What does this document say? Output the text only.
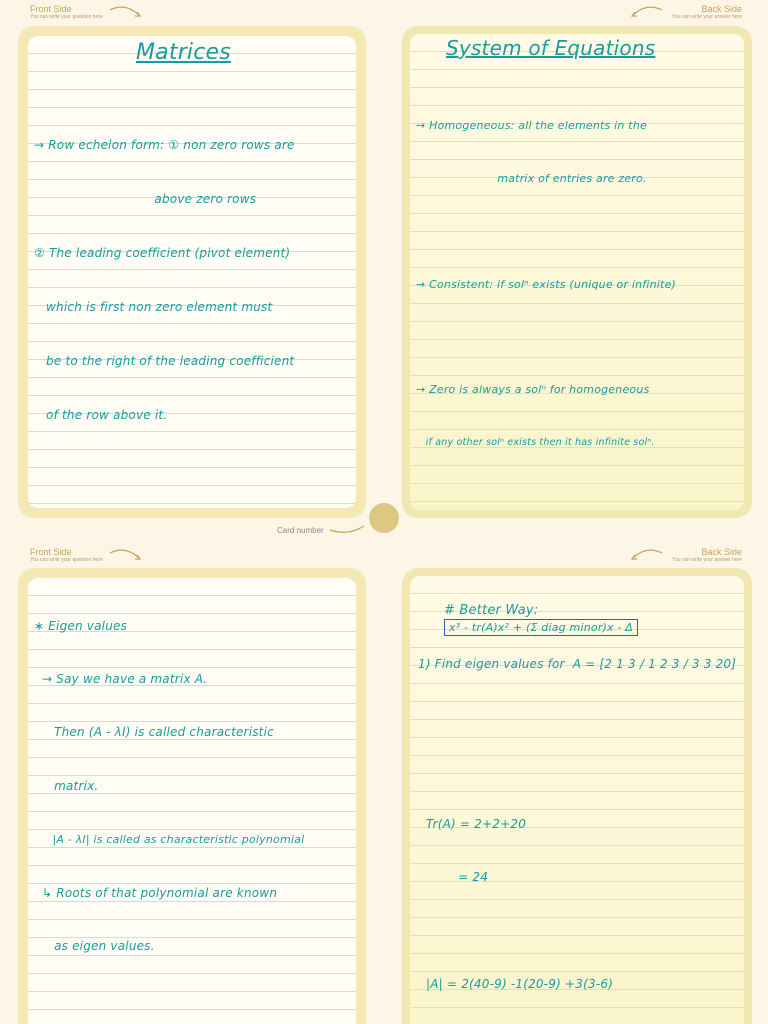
Front Side
You can write your question here
Back Side
You can write your answer here
Matrices

→ Row echelon form: ① non zero rows are

above zero rows

② The leading coefficient (pivot element)

which is first non zero element must

be to the right of the leading coefficient

of the row above it.

System of Equations

→ Homogeneous: all the elements in the

matrix of entries are zero.

→ Consistent: if solⁿ exists (unique or infinite)

→ Zero is always a solⁿ for homogeneous

if any other solⁿ exists then it has infinite solⁿ.

Card number
Front Side
You can write your question here
Back Side
You can write your answer here

∗ Eigen values

→ Say we have a matrix A.

Then (A - λI) is called characteristic

matrix.

|A - λI| is called as characteristic polynomial

↳ Roots of that polynomial are known

as eigen values.

# Better Way:
x³ - tr(A)x² + (Σ diag minor)x - Δ

1) Find eigen values for  A = [2 1 3 / 1 2 3 / 3 3 20]

Tr(A) = 2+2+20

= 24

|A| = 2(40-9) -1(20-9) +3(3-6)
